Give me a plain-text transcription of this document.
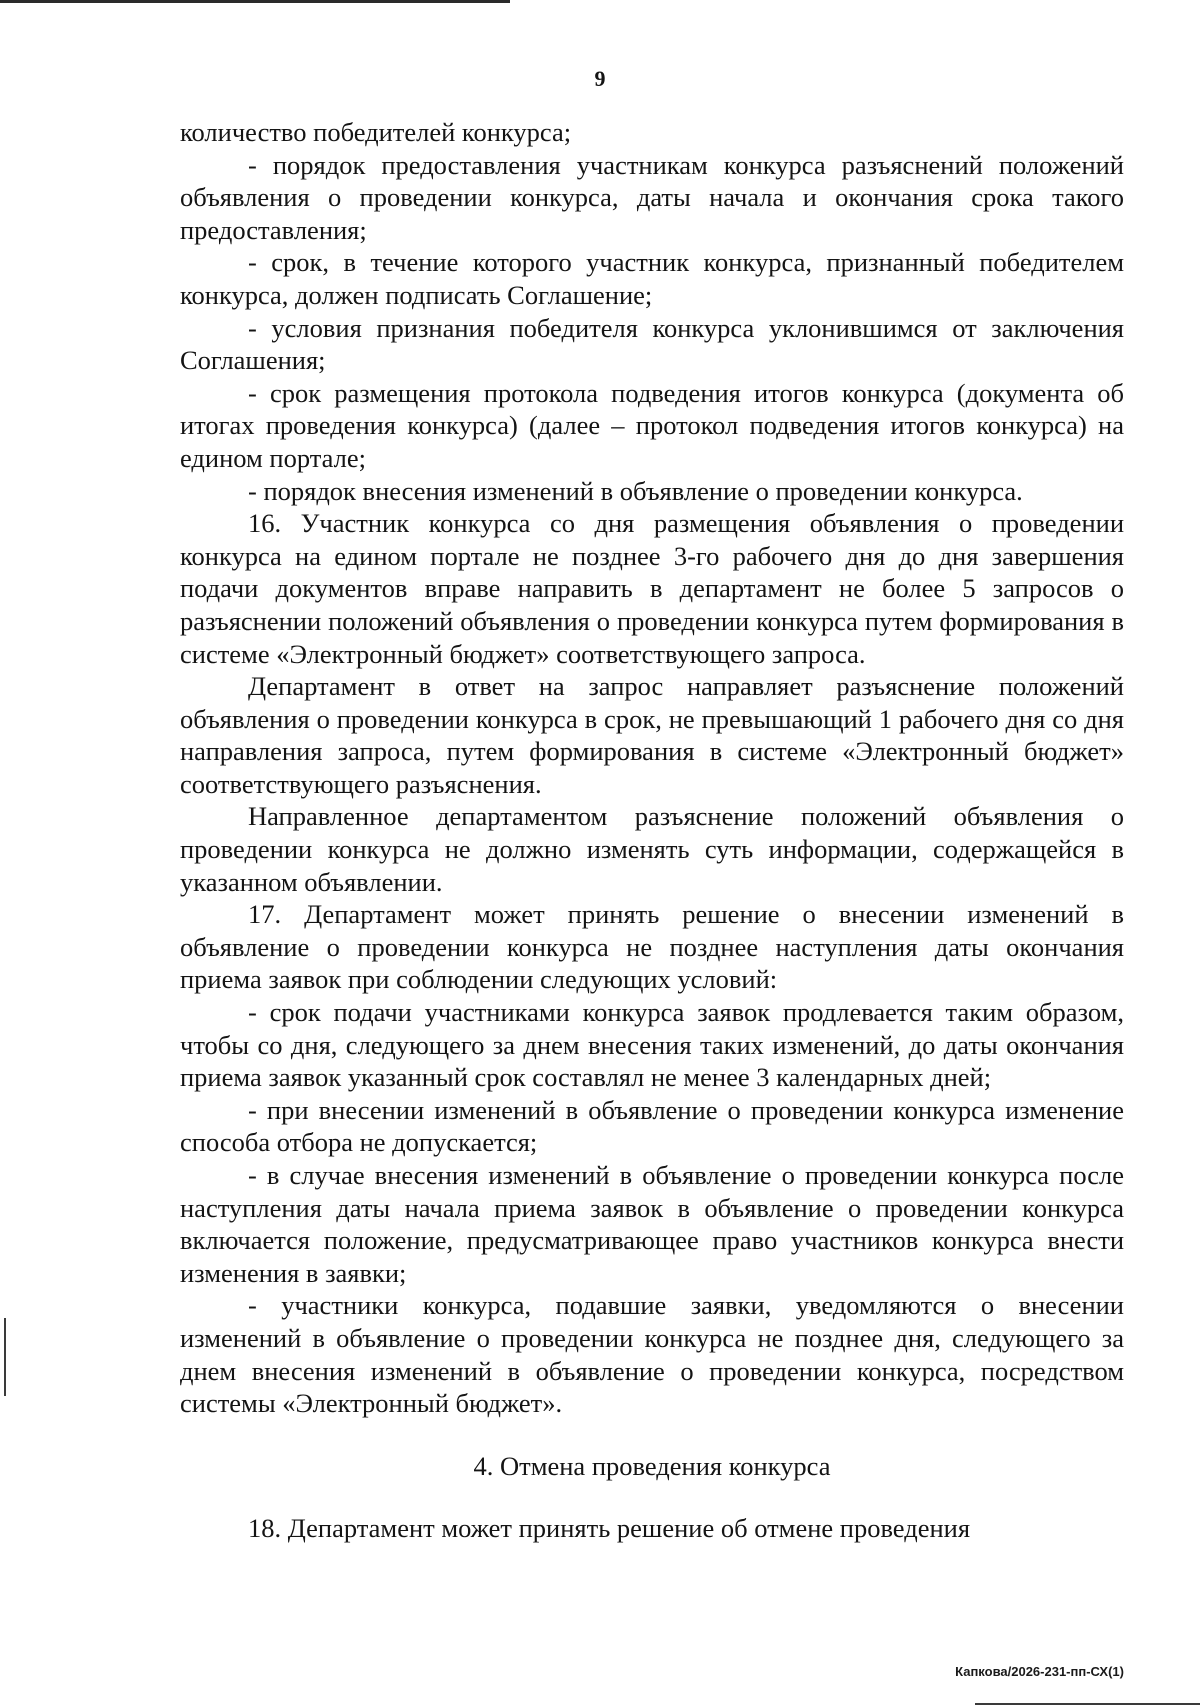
9

количество победителей конкурса;

- порядок предоставления участникам конкурса разъяснений положений объявления о проведении конкурса, даты начала и окончания срока такого предоставления;

- срок, в течение которого участник конкурса, признанный победителем конкурса, должен подписать Соглашение;

- условия признания победителя конкурса уклонившимся от заключения Соглашения;

- срок размещения протокола подведения итогов конкурса (документа об итогах проведения конкурса) (далее – протокол подведения итогов конкурса) на едином портале;

- порядок внесения изменений в объявление о проведении конкурса.

16. Участник конкурса со дня размещения объявления о проведении конкурса на едином портале не позднее 3-го рабочего дня до дня завершения подачи документов вправе направить в департамент не более 5 запросов о разъяснении положений объявления о проведении конкурса путем формирования в системе «Электронный бюджет» соответствующего запроса.

Департамент в ответ на запрос направляет разъяснение положений объявления о проведении конкурса в срок, не превышающий 1 рабочего дня со дня направления запроса, путем формирования в системе «Электронный бюджет» соответствующего разъяснения.

Направленное департаментом разъяснение положений объявления о проведении конкурса не должно изменять суть информации, содержащейся в указанном объявлении.

17. Департамент может принять решение о внесении изменений в объявление о проведении конкурса не позднее наступления даты окончания приема заявок при соблюдении следующих условий:

- срок подачи участниками конкурса заявок продлевается таким образом, чтобы со дня, следующего за днем внесения таких изменений, до даты окончания приема заявок указанный срок составлял не менее 3 календарных дней;

- при внесении изменений в объявление о проведении конкурса изменение способа отбора не допускается;

- в случае внесения изменений в объявление о проведении конкурса после наступления даты начала приема заявок в объявление о проведении конкурса включается положение, предусматривающее право участников конкурса внести изменения в заявки;

- участники конкурса, подавшие заявки, уведомляются о внесении изменений в объявление о проведении конкурса не позднее дня, следующего за днем внесения изменений в объявление о проведении конкурса, посредством системы «Электронный бюджет».

4. Отмена проведения конкурса

18. Департамент может принять решение об отмене проведения

Капкова/2026-231-пп-СХ(1)
